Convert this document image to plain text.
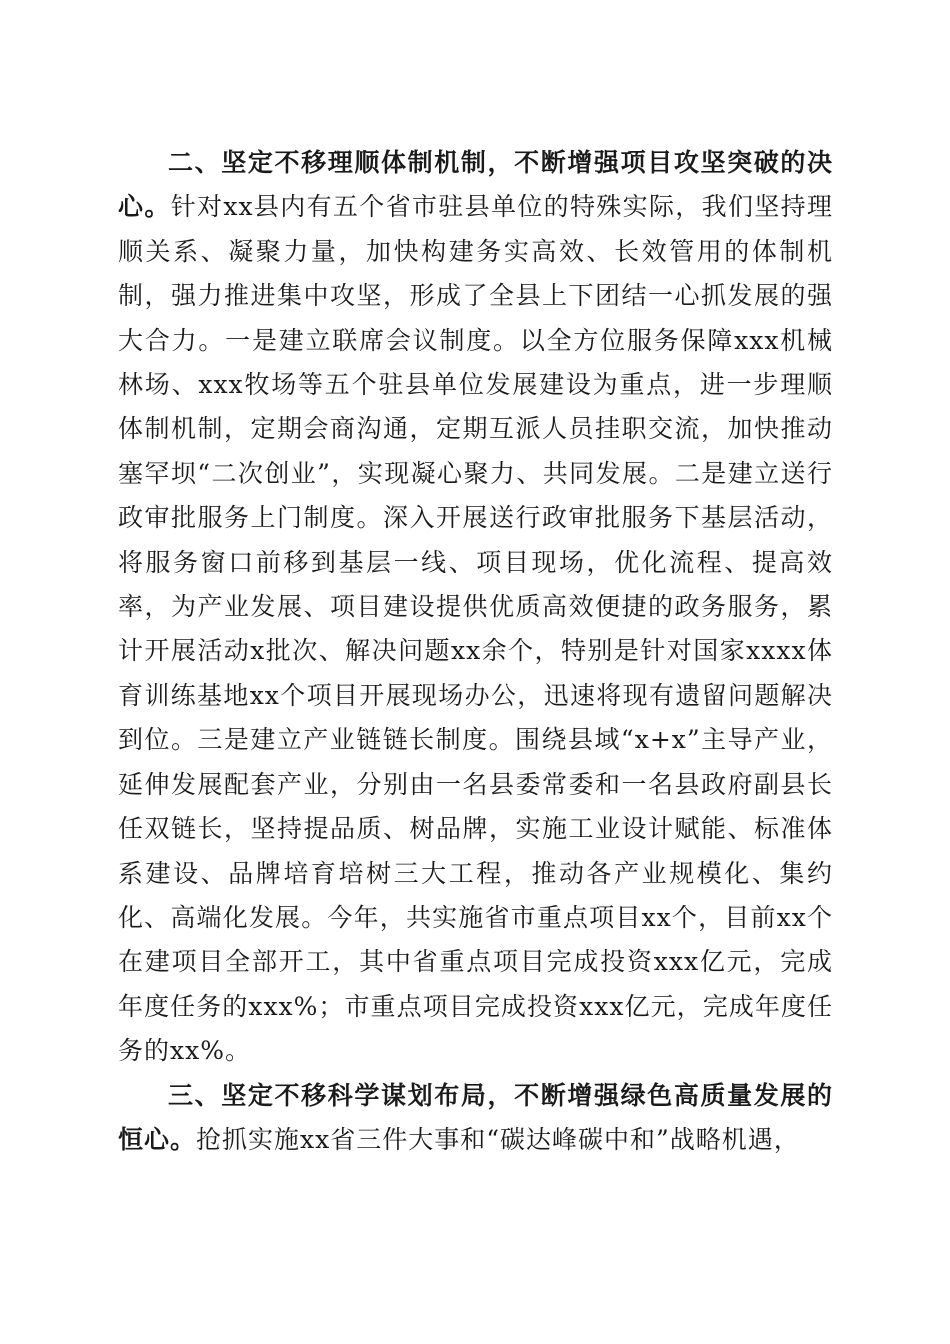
二、坚定不移理顺体制机制，不断增强项目攻坚突破的决心。针对xx县内有五个省市驻县单位的特殊实际，我们坚持理顺关系、凝聚力量，加快构建务实高效、长效管用的体制机制，强力推进集中攻坚，形成了全县上下团结一心抓发展的强大合力。一是建立联席会议制度。以全方位服务保障xxx机械林场、xxx牧场等五个驻县单位发展建设为重点，进一步理顺体制机制，定期会商沟通，定期互派人员挂职交流，加快推动塞罕坝“二次创业”，实现凝心聚力、共同发展。二是建立送行政审批服务上门制度。深入开展送行政审批服务下基层活动，将服务窗口前移到基层一线、项目现场，优化流程、提高效率，为产业发展、项目建设提供优质高效便捷的政务服务，累计开展活动x批次、解决问题xx余个，特别是针对国家xxxx体育训练基地xx个项目开展现场办公，迅速将现有遗留问题解决到位。三是建立产业链链长制度。围绕县域“x+x”主导产业，延伸发展配套产业，分别由一名县委常委和一名县政府副县长任双链长，坚持提品质、树品牌，实施工业设计赋能、标准体系建设、品牌培育培树三大工程，推动各产业规模化、集约化、高端化发展。今年，共实施省市重点项目xx个，目前xx个在建项目全部开工，其中省重点项目完成投资xxx亿元，完成年度任务的xxx%；市重点项目完成投资xxx亿元，完成年度任务的xx%。

三、坚定不移科学谋划布局，不断增强绿色高质量发展的恒心。抢抓实施xx省三件大事和“碳达峰碳中和”战略机遇，
